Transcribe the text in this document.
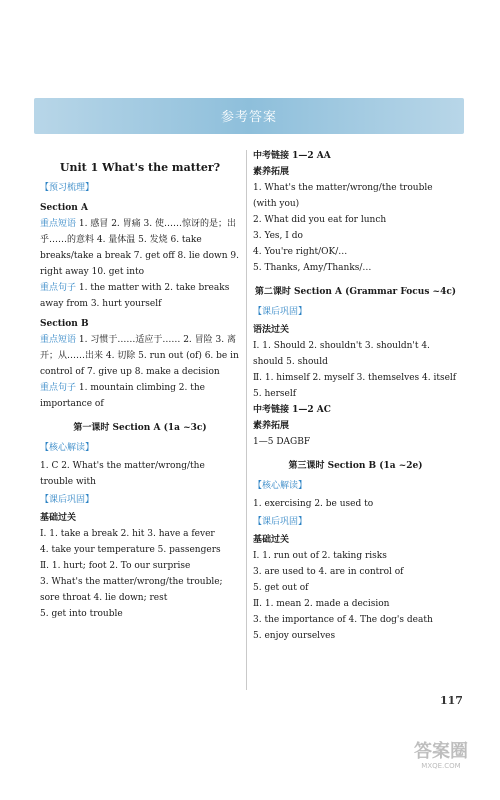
参考答案
Unit 1 What's the matter?
【预习梳理】
Section A
重点短语 1. 感冒 2. 胃痛 3. 使……惊讶的是；出乎……的意料 4. 量体温 5. 发烧 6. take breaks/take a break 7. get off 8. lie down 9. right away 10. get into
重点句子 1. the matter with 2. take breaks away from 3. hurt yourself
Section B
重点短语 1. 习惯于……适应于…… 2. 冒险 3. 离开；从……出来 4. 切除 5. run out (of) 6. be in control of 7. give up 8. make a decision
重点句子 1. mountain climbing 2. the importance of
第一课时 Section A (1a ~3c)
【核心解读】
1. C 2. What's the matter/wrong/the trouble with
【课后巩固】
基础过关
Ⅰ. 1. take a break 2. hit 3. have a fever
4. take your temperature 5. passengers
Ⅱ. 1. hurt; foot 2. To our surprise
3. What's the matter/wrong/the trouble; sore throat 4. lie down; rest
5. get into trouble
中考链接 1—2 AA
素养拓展
1. What's the matter/wrong/the trouble (with you)
2. What did you eat for lunch
3. Yes, I do
4. You're right/OK/…
5. Thanks, Amy/Thanks/…
第二课时 Section A (Grammar Focus ~4c)
【课后巩固】
语法过关
Ⅰ. 1. Should 2. shouldn't 3. shouldn't 4. should 5. should
Ⅱ. 1. himself 2. myself 3. themselves 4. itself 5. herself
中考链接 1—2 AC
素养拓展
1—5 DAGBF
第三课时 Section B (1a ~2e)
【核心解读】
1. exercising 2. be used to
【课后巩固】
基础过关
Ⅰ. 1. run out of 2. taking risks
3. are used to 4. are in control of
5. get out of
Ⅱ. 1. mean 2. made a decision
3. the importance of 4. The dog's death
5. enjoy ourselves
117
答案圈
MXQE.COM
